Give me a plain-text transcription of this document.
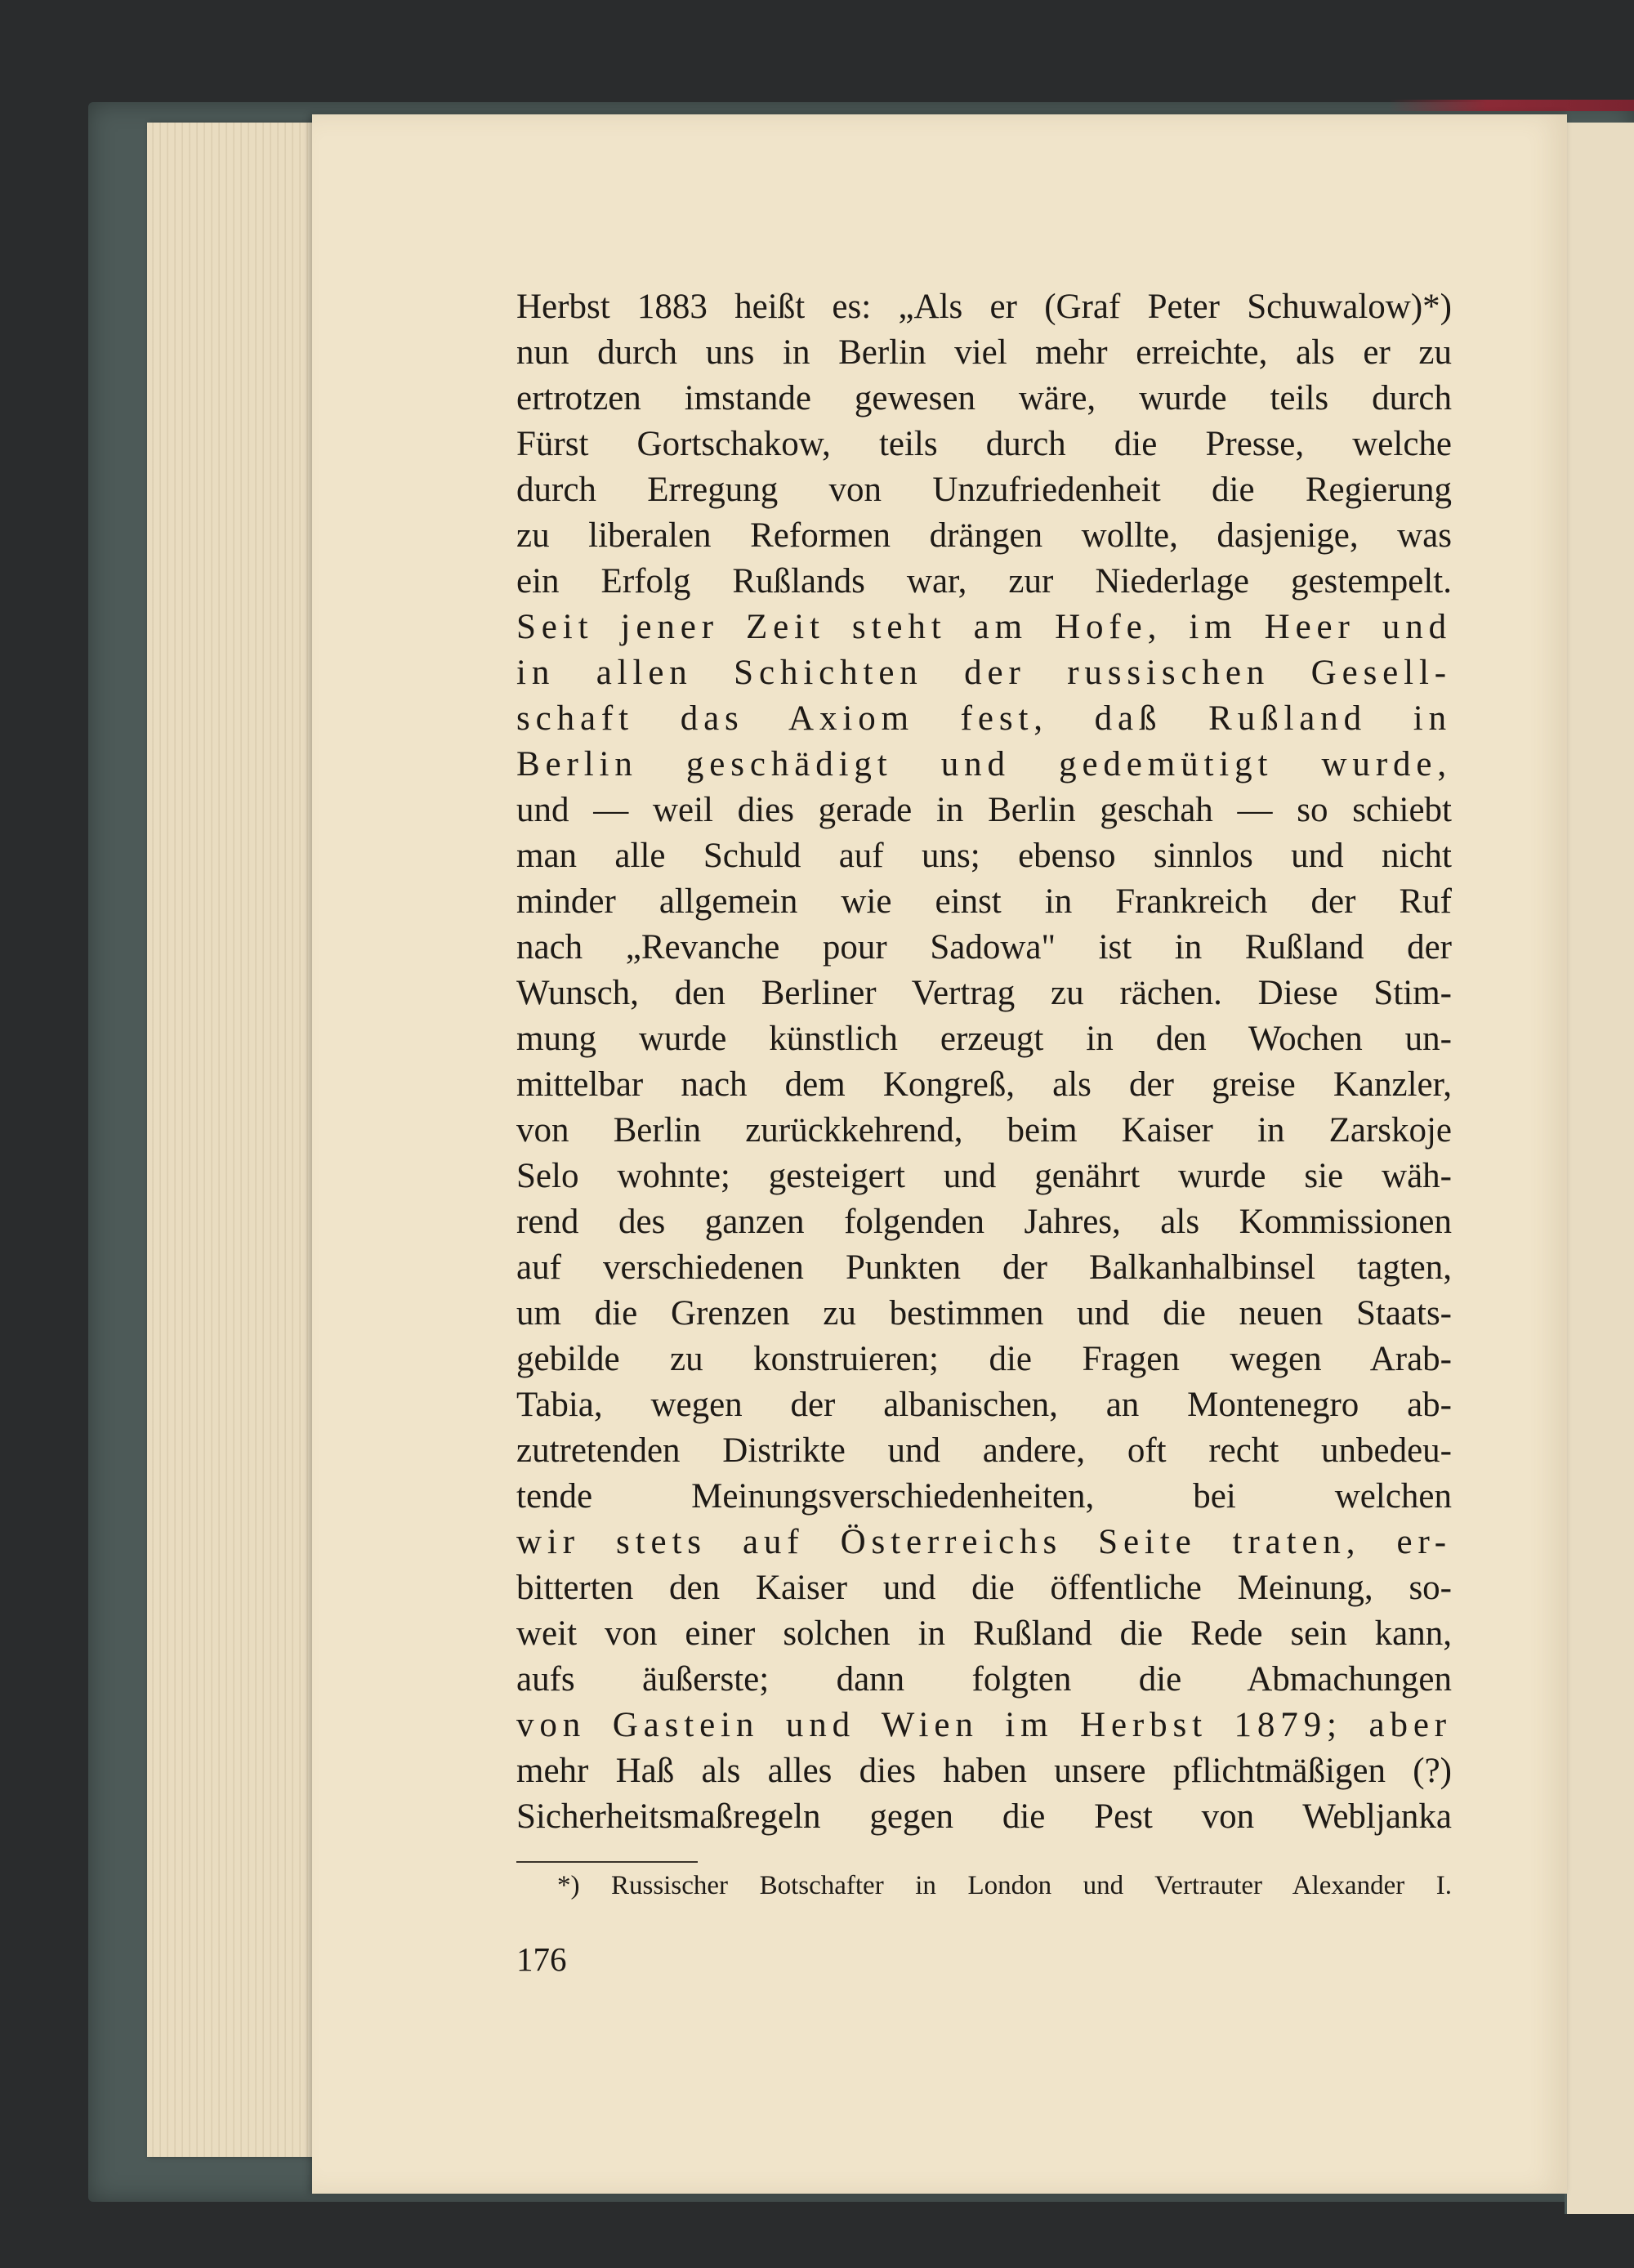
Herbst 1883 heißt es: „Als er (Graf Peter Schuwalow)*)
nun durch uns in Berlin viel mehr erreichte, als er zu
ertrotzen imstande gewesen wäre, wurde teils durch
Fürst Gortschakow, teils durch die Presse, welche
durch Erregung von Unzufriedenheit die Regierung
zu liberalen Reformen drängen wollte, dasjenige, was
ein Erfolg Rußlands war, zur Niederlage gestempelt.
Seit jener Zeit steht am Hofe, im Heer und
in allen Schichten der russischen Gesell-
schaft das Axiom fest, daß Rußland in
Berlin geschädigt und gedemütigt wurde,
und — weil dies gerade in Berlin geschah — so schiebt
man alle Schuld auf uns; ebenso sinnlos und nicht
minder allgemein wie einst in Frankreich der Ruf
nach „Revanche pour Sadowa" ist in Rußland der
Wunsch, den Berliner Vertrag zu rächen. Diese Stim-
mung wurde künstlich erzeugt in den Wochen un-
mittelbar nach dem Kongreß, als der greise Kanzler,
von Berlin zurückkehrend, beim Kaiser in Zarskoje
Selo wohnte; gesteigert und genährt wurde sie wäh-
rend des ganzen folgenden Jahres, als Kommissionen
auf verschiedenen Punkten der Balkanhalbinsel tagten,
um die Grenzen zu bestimmen und die neuen Staats-
gebilde zu konstruieren; die Fragen wegen Arab-
Tabia, wegen der albanischen, an Montenegro ab-
zutretenden Distrikte und andere, oft recht unbedeu-
tende Meinungsverschiedenheiten, bei welchen
wir stets auf Österreichs Seite traten, er-
bitterten den Kaiser und die öffentliche Meinung, so-
weit von einer solchen in Rußland die Rede sein kann,
aufs äußerste; dann folgten die Abmachungen
von Gastein und Wien im Herbst 1879; aber
mehr Haß als alles dies haben unsere pflichtmäßigen (?)
Sicherheitsmaßregeln gegen die Pest von Webljanka
*) Russischer Botschafter in London und Vertrauter Alexander I.
176
